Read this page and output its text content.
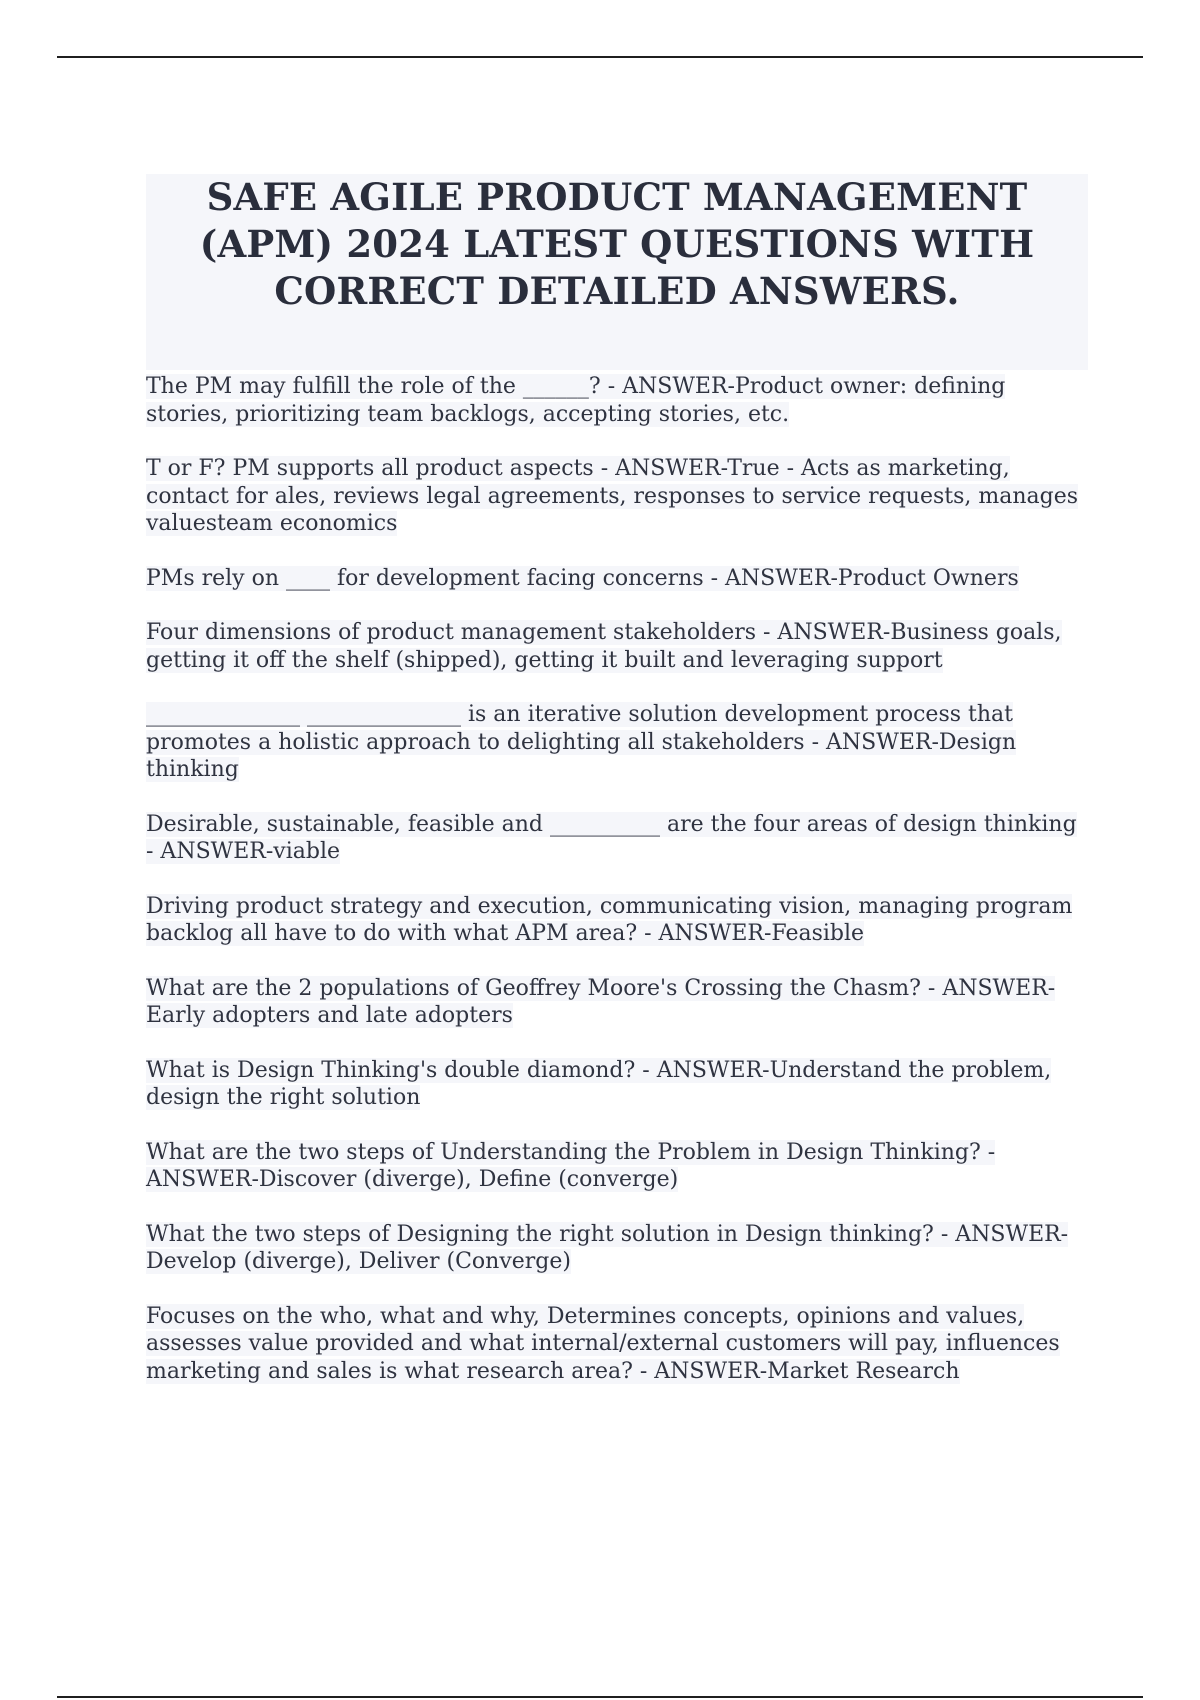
SAFE AGILE PRODUCT MANAGEMENT (APM) 2024 LATEST QUESTIONS WITH CORRECT DETAILED ANSWERS.

The PM may fulfill the role of the ______? - ANSWER-Product owner: defining stories, prioritizing team backlogs, accepting stories, etc.

T or F? PM supports all product aspects - ANSWER-True - Acts as marketing, contact for ales, reviews legal agreements, responses to service requests, manages valuesteam economics

PMs rely on ____ for development facing concerns - ANSWER-Product Owners

Four dimensions of product management stakeholders - ANSWER-Business goals, getting it off the shelf (shipped), getting it built and leveraging support

______________ ______________ is an iterative solution development process that promotes a holistic approach to delighting all stakeholders - ANSWER-Design thinking

Desirable, sustainable, feasible and __________ are the four areas of design thinking - ANSWER-viable

Driving product strategy and execution, communicating vision, managing program backlog all have to do with what APM area? - ANSWER-Feasible

What are the 2 populations of Geoffrey Moore's Crossing the Chasm? - ANSWER-Early adopters and late adopters

What is Design Thinking's double diamond? - ANSWER-Understand the problem, design the right solution

What are the two steps of Understanding the Problem in Design Thinking? - ANSWER-Discover (diverge), Define (converge)

What the two steps of Designing the right solution in Design thinking? - ANSWER-Develop (diverge), Deliver (Converge)

Focuses on the who, what and why, Determines concepts, opinions and values, assesses value provided and what internal/external customers will pay, influences marketing and sales is what research area? - ANSWER-Market Research
